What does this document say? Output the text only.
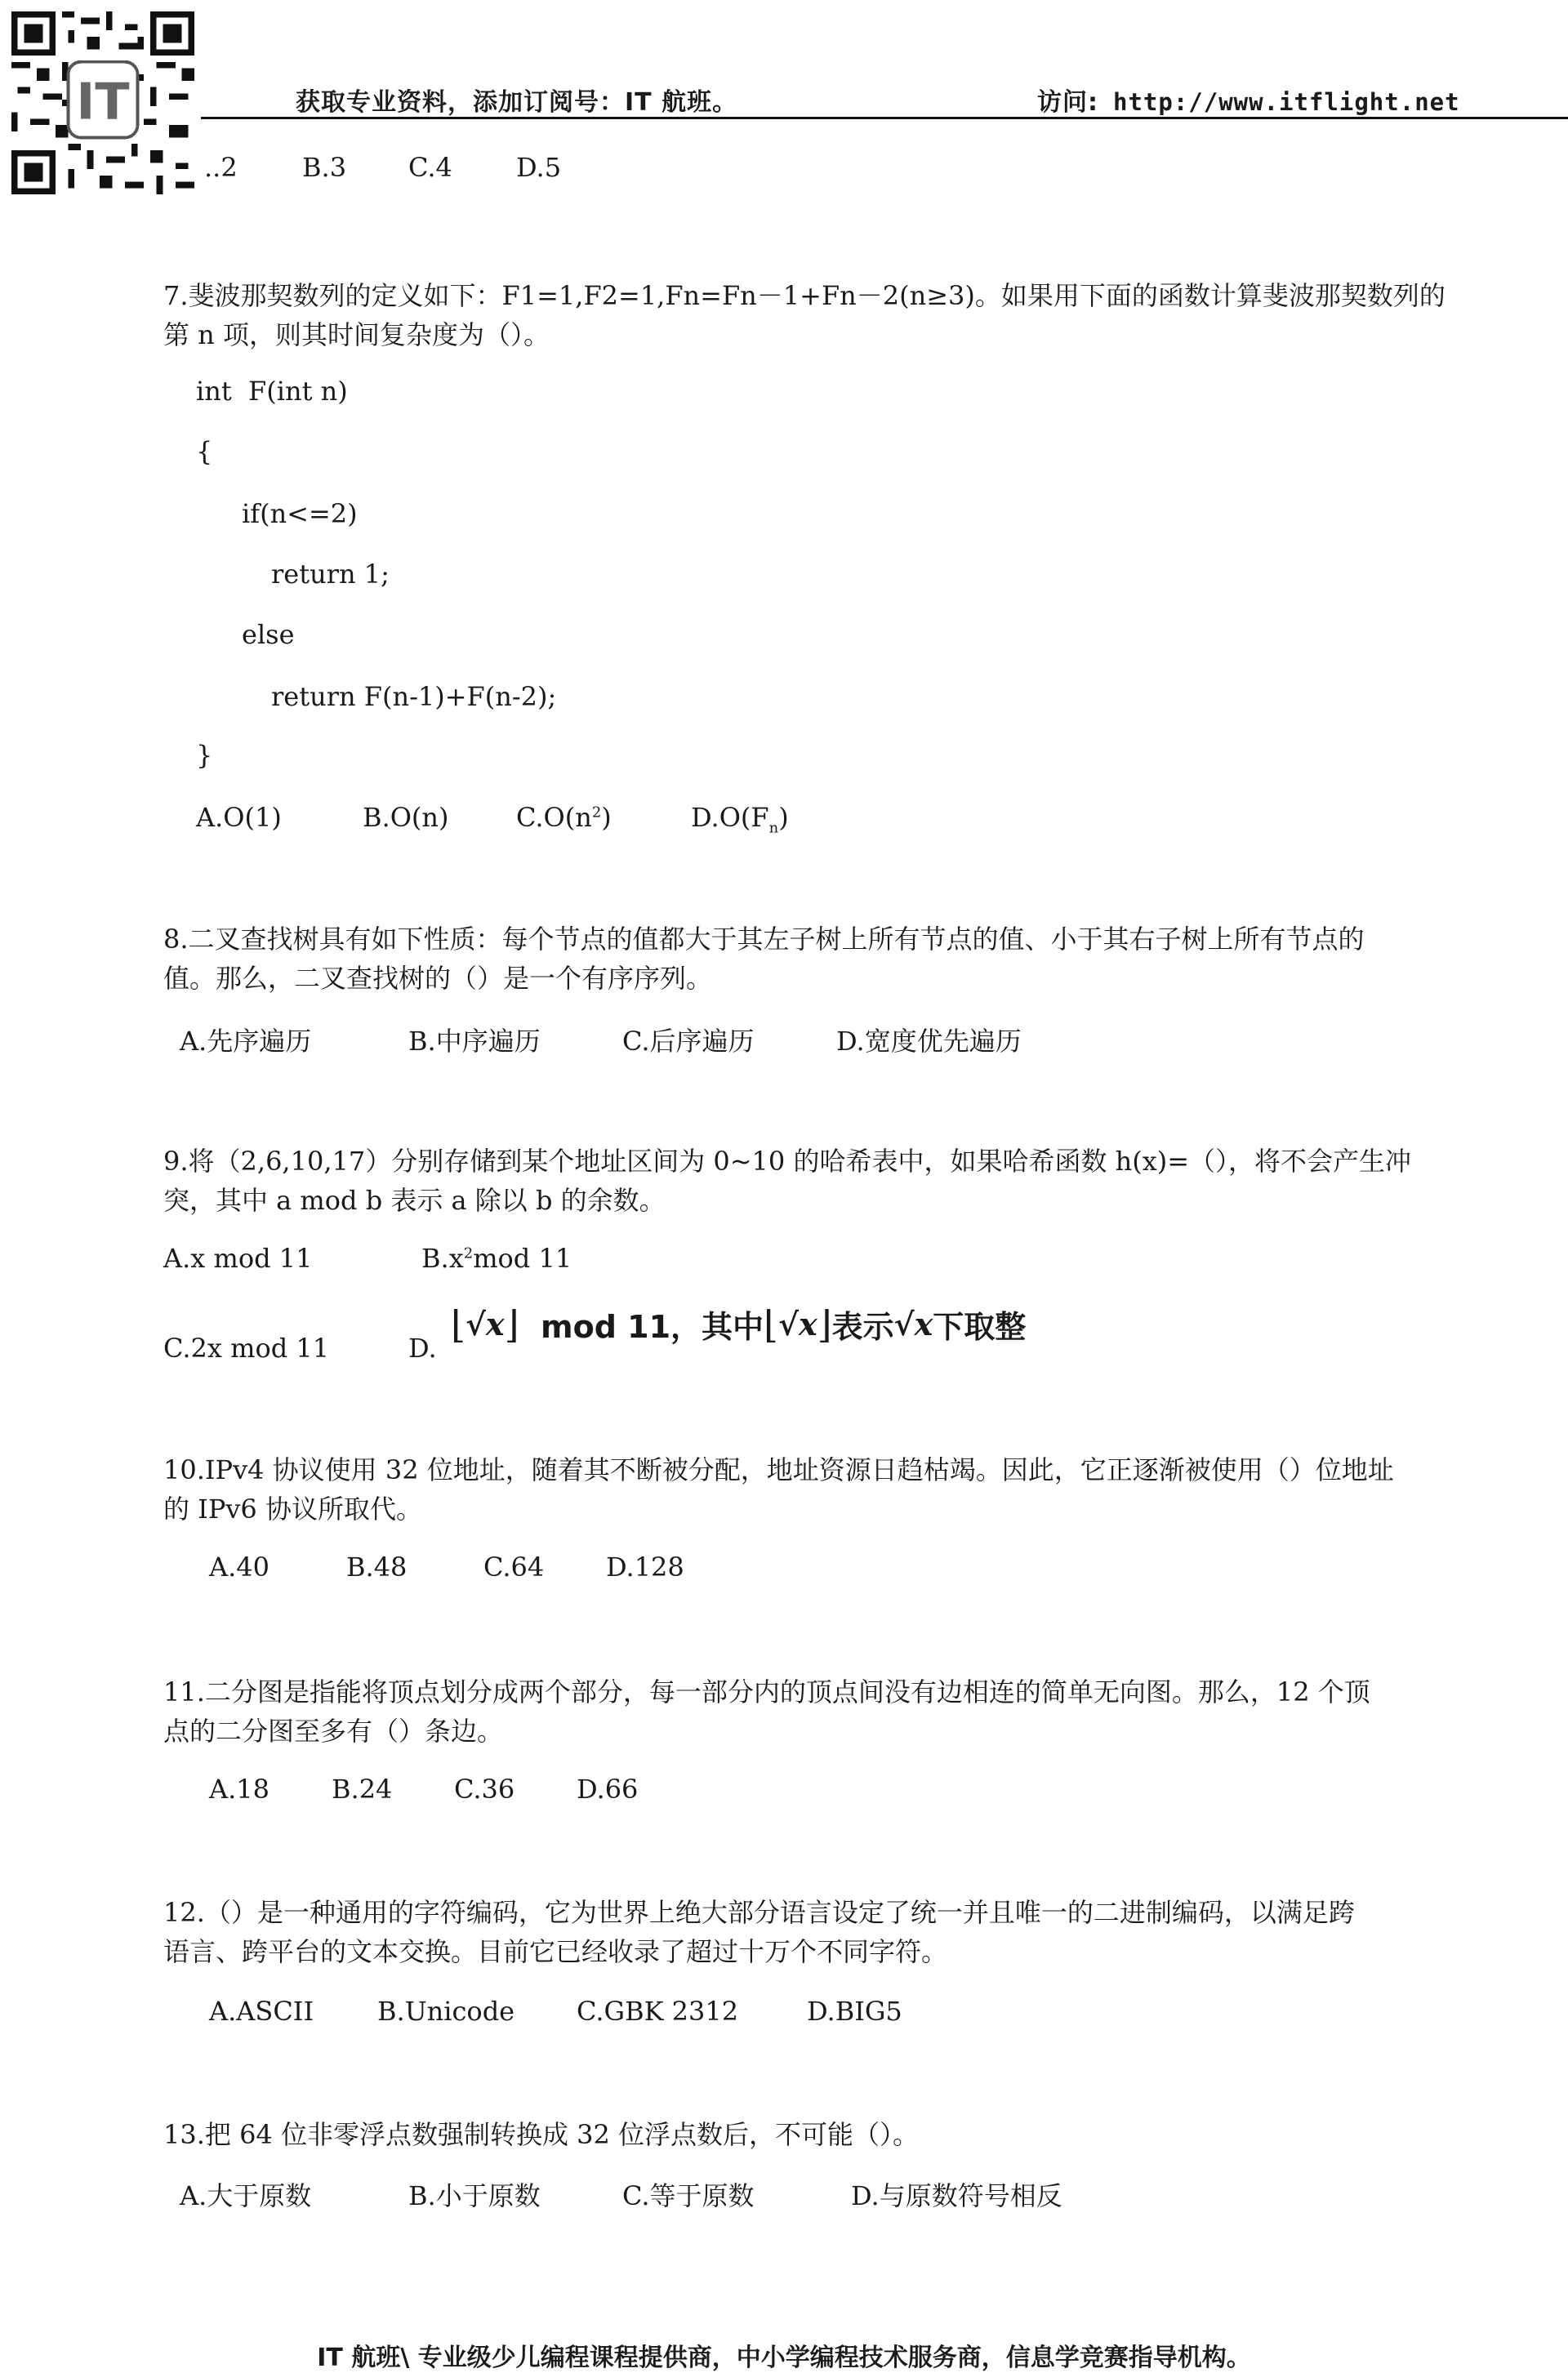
IT	获取专业资料，添加订阅号：IT 航班。	访问: http://www.itflight.net
..2 B.3 C.4 D.5
7.斐波那契数列的定义如下：F1=1,F2=1,Fn=Fn－1+Fn－2(n≥3)。如果用下面的函数计算斐波那契数列的
第 n 项，则其时间复杂度为（）。
int  F(int n)
{
if(n<=2)
return 1;
else
return F(n-1)+F(n-2);
}
A.O(1)	B.O(n)	$C.O(n^2)$	$D.O(F_n)$
8.二叉查找树具有如下性质：每个节点的值都大于其左子树上所有节点的值、小于其右子树上所有节点的
值。那么，二叉查找树的（）是一个有序序列。
A.先序遍历	B.中序遍历	C.后序遍历	D.宽度优先遍历
9.将（2,6,10,17）分别存储到某个地址区间为 0~10 的哈希表中，如果哈希函数 h(x)=（），将不会产生冲
突，其中 a mod b 表示 a 除以 b 的余数。
A.x mod 11	$B.x^2mod$ 11
C.2x mod 11	D.
⌊ √x ⌋ mod 11，其中 ⌊ √x ⌋ 表示 √x 下取整
10.IPv4 协议使用 32 位地址，随着其不断被分配，地址资源日趋枯竭。因此，它正逐渐被使用（）位地址
的 IPv6 协议所取代。
A.40	B.48	C.64 D.128
11.二分图是指能将顶点划分成两个部分，每一部分内的顶点间没有边相连的简单无向图。那么，12 个顶
点的二分图至多有（）条边。
A.18 B.24 C.36 D.66
12.（）是一种通用的字符编码，它为世界上绝大部分语言设定了统一并且唯一的二进制编码，以满足跨
语言、跨平台的文本交换。目前它已经收录了超过十万个不同字符。
A.ASCII B.Unicode C.GBK 2312	D.BIG5
13.把 64 位非零浮点数强制转换成 32 位浮点数后，不可能（）。
A.大于原数	B.小于原数	C.等于原数	D.与原数符号相反
IT 航班\ 专业级少儿编程课程提供商，中小学编程技术服务商，信息学竞赛指导机构。
